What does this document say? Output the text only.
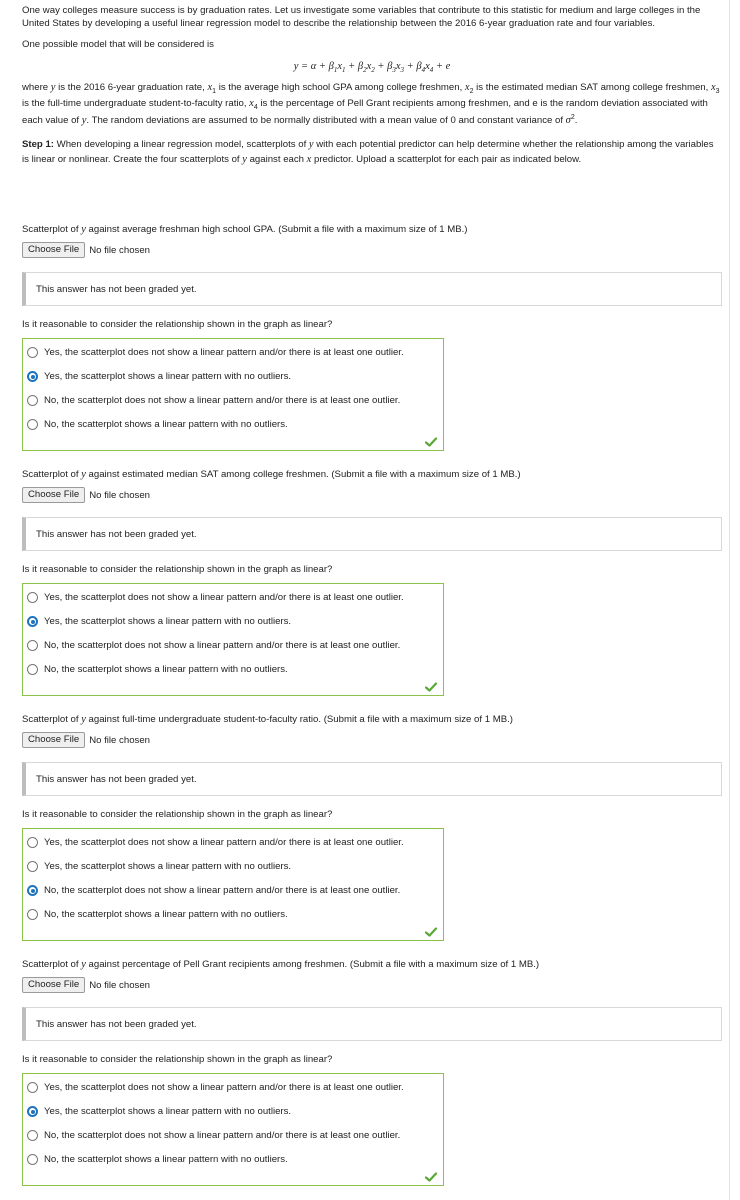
One way colleges measure success is by graduation rates. Let us investigate some variables that contribute to this statistic for medium and large colleges in the United States by developing a useful linear regression model to describe the relationship between the 2016 6-year graduation rate and four variables.

One possible model that will be considered is

$y = \alpha + \beta_1x_1 + \beta_2x_2 + \beta_3x_3 + \beta_4x_4 + e$

where y is the 2016 6-year graduation rate, $x_1$ is the average high school GPA among college freshmen, $x_2$ is the estimated median SAT among college freshmen, $x_3$ is the full-time undergraduate student-to-faculty ratio, $x_4$ is the percentage of Pell Grant recipients among freshmen, and e is the random deviation associated with each value of y. The random deviations are assumed to be normally distributed with a mean value of 0 and constant variance of $\sigma^2$.

Step 1: When developing a linear regression model, scatterplots of y with each potential predictor can help determine whether the relationship among the variables is linear or nonlinear. Create the four scatterplots of y against each x predictor. Upload a scatterplot for each pair as indicated below.

Scatterplot of y against average freshman high school GPA. (Submit a file with a maximum size of 1 MB.)

Choose File	No file chosen
This answer has not been graded yet.

Is it reasonable to consider the relationship shown in the graph as linear?

Yes, the scatterplot does not show a linear pattern and/or there is at least one outlier.
Yes, the scatterplot shows a linear pattern with no outliers.
No, the scatterplot does not show a linear pattern and/or there is at least one outlier.
No, the scatterplot shows a linear pattern with no outliers.

Scatterplot of y against estimated median SAT among college freshmen. (Submit a file with a maximum size of 1 MB.)

Choose File	No file chosen
This answer has not been graded yet.

Is it reasonable to consider the relationship shown in the graph as linear?

Yes, the scatterplot does not show a linear pattern and/or there is at least one outlier.
Yes, the scatterplot shows a linear pattern with no outliers.
No, the scatterplot does not show a linear pattern and/or there is at least one outlier.
No, the scatterplot shows a linear pattern with no outliers.

Scatterplot of y against full-time undergraduate student-to-faculty ratio. (Submit a file with a maximum size of 1 MB.)

Choose File	No file chosen
This answer has not been graded yet.

Is it reasonable to consider the relationship shown in the graph as linear?

Yes, the scatterplot does not show a linear pattern and/or there is at least one outlier.
Yes, the scatterplot shows a linear pattern with no outliers.
No, the scatterplot does not show a linear pattern and/or there is at least one outlier.
No, the scatterplot shows a linear pattern with no outliers.

Scatterplot of y against percentage of Pell Grant recipients among freshmen. (Submit a file with a maximum size of 1 MB.)

Choose File	No file chosen
This answer has not been graded yet.

Is it reasonable to consider the relationship shown in the graph as linear?

Yes, the scatterplot does not show a linear pattern and/or there is at least one outlier.
Yes, the scatterplot shows a linear pattern with no outliers.
No, the scatterplot does not show a linear pattern and/or there is at least one outlier.
No, the scatterplot shows a linear pattern with no outliers.
